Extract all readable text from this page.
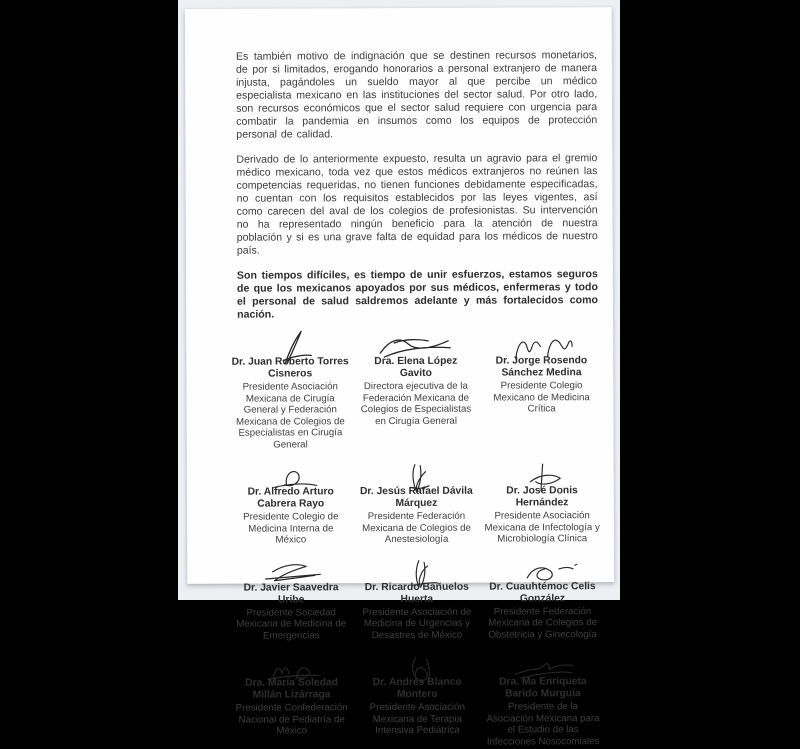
Es también motivo de indignación que se destinen recursos monetarios, de por si limitados, erogando honorarios a personal extranjero de manera injusta, pagándoles un sueldo mayor al que percibe un médico especialista mexicano en las instituciones del sector salud. Por otro lado, son recursos económicos que el sector salud requiere con urgencia para combatir la pandemia en insumos como los equipos de protección personal de calidad.

Derivado de lo anteriormente expuesto, resulta un agravio para el gremio médico mexicano, toda vez que estos médicos extranjeros no reúnen las competencias requeridas, no tienen funciones debidamente especificadas, no cuentan con los requisitos establecidos por las leyes vigentes, así como carecen del aval de los colegios de profesionistas. Su intervención no ha representado ningún beneficio para la atención de nuestra población y si es una grave falta de equidad para los médicos de nuestro país.

Son tiempos difíciles, es tiempo de unir esfuerzos, estamos seguros de que los mexicanos apoyados por sus médicos, enfermeras y todo el personal de salud saldremos adelante y más fortalecidos como nación.

Dr. Juan Roberto Torres Cisneros
Presidente Asociación Mexicana de Cirugía General y Federación Mexicana de Colegios de Especialistas en Cirugía General
Dra. Elena López Gavito
Directora ejecutiva de la Federación Mexicana de Colegios de Especialistas en Cirugía General
Dr. Jorge Rosendo Sánchez Medina
Presidente Colegio Mexicano de Medicina Crítica
Dr. Alfredo Arturo Cabrera Rayo
Presidente Colegio de Medicina Interna de México
Dr. Jesús Rafael Dávila Márquez
Presidente Federación Mexicana de Colegios de Anestesiología
Dr. José Donis Hernández
Presidente Asociación Mexicana de Infectología y Microbiología Clínica
Dr. Javier Saavedra Uribe
Presidente Sociedad Mexicana de Medicina de Emergencias
Dr. Ricardo Bañuelos Huerta
Presidente Asociación de Medicina de Urgencias y Desastres de México
Dr. Cuauhtémoc Celis González
Presidente Federación Mexicana de Colegios de Obstetricia y Ginecología
Dra. María Soledad Millán Lizárraga
Presidente Confederación Nacional de Pediatría de México
Dr. Andrés Blanco Montero
Presidente Asociación Mexicana de Terapia Intensiva Pediátrica
Dra. Ma Enriqueta Barido Murguía
Presidente de la Asociación Mexicana para el Estudio de las Infecciones Nosocomiales
